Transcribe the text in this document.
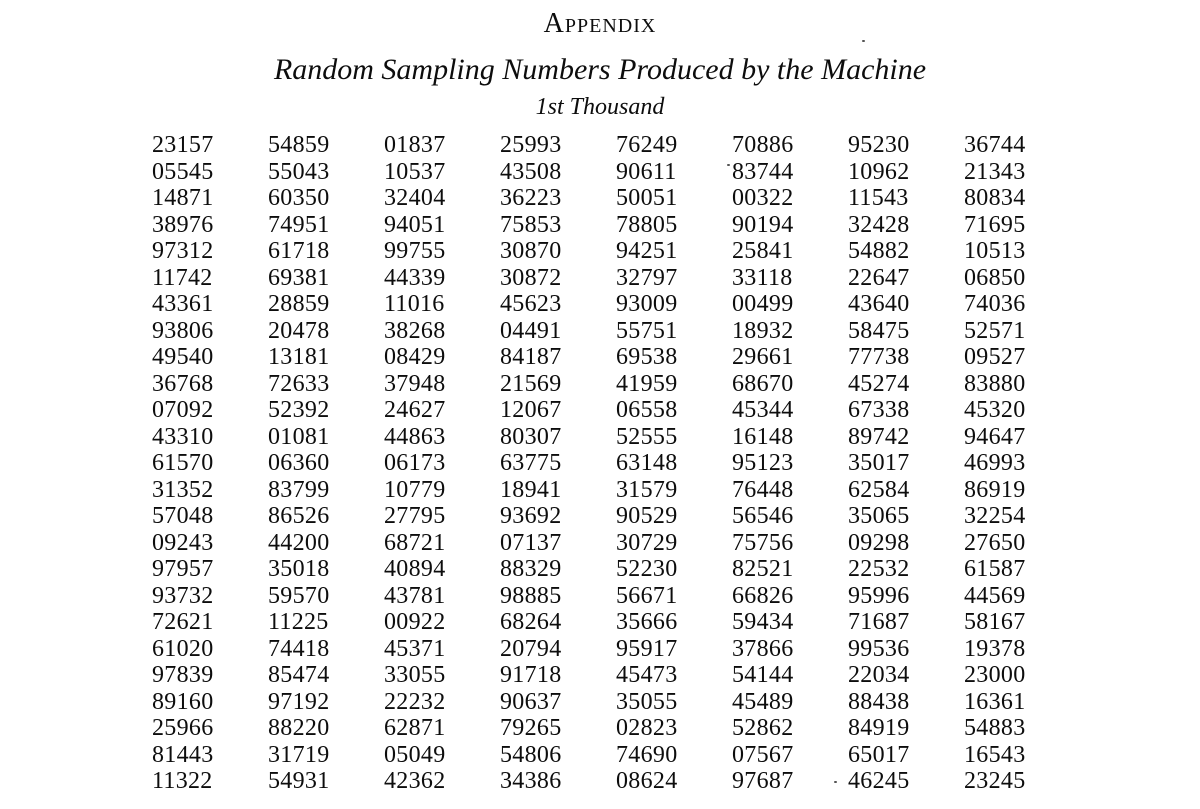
Appendix
Random Sampling Numbers Produced by the Machine
1st Thousand
23157	54859	01837	25993	76249	70886	95230	36744
05545	55043	10537	43508	90611	83744	10962	21343
14871	60350	32404	36223	50051	00322	11543	80834
38976	74951	94051	75853	78805	90194	32428	71695
97312	61718	99755	30870	94251	25841	54882	10513
11742	69381	44339	30872	32797	33118	22647	06850
43361	28859	11016	45623	93009	00499	43640	74036
93806	20478	38268	04491	55751	18932	58475	52571
49540	13181	08429	84187	69538	29661	77738	09527
36768	72633	37948	21569	41959	68670	45274	83880
07092	52392	24627	12067	06558	45344	67338	45320
43310	01081	44863	80307	52555	16148	89742	94647
61570	06360	06173	63775	63148	95123	35017	46993
31352	83799	10779	18941	31579	76448	62584	86919
57048	86526	27795	93692	90529	56546	35065	32254
09243	44200	68721	07137	30729	75756	09298	27650
97957	35018	40894	88329	52230	82521	22532	61587
93732	59570	43781	98885	56671	66826	95996	44569
72621	11225	00922	68264	35666	59434	71687	58167
61020	74418	45371	20794	95917	37866	99536	19378
97839	85474	33055	91718	45473	54144	22034	23000
89160	97192	22232	90637	35055	45489	88438	16361
25966	88220	62871	79265	02823	52862	84919	54883
81443	31719	05049	54806	74690	07567	65017	16543
11322	54931	42362	34386	08624	97687	46245	23245
